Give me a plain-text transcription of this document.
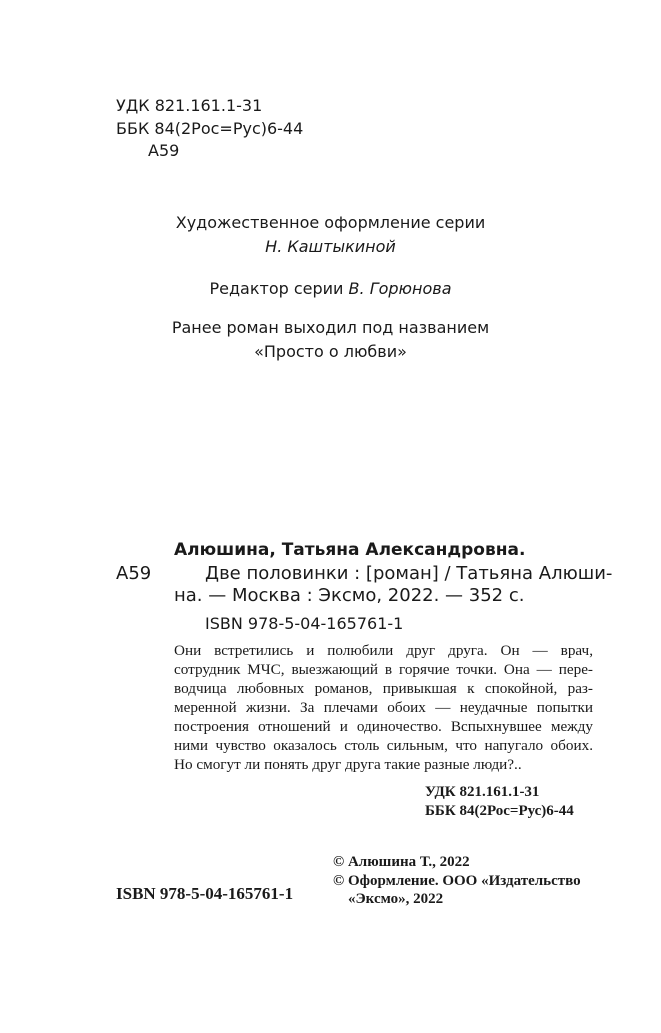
УДК 821.161.1-31
ББК 84(2Рос=Рус)6-44
А59
Художественное оформление серии
Н. Каштыкиной
Редактор серии В. Горюнова
Ранее роман выходил под названием
«Просто о любви»
Алюшина, Татьяна Александровна.
А59	Две половинки : [роман] / Татьяна Алюши-
на. — Москва : Эксмо, 2022. — 352 с.
ISBN 978-5-04-165761-1
Они встретились и полюбили друг друга. Он — врач,
сотрудник МЧС, выезжающий в горячие точки. Она — пере-
водчица любовных романов, привыкшая к спокойной, раз-
меренной жизни. За плечами обоих — неудачные попытки
построения отношений и одиночество. Вспыхнувшее между
ними чувство оказалось столь сильным, что напугало обоих.
Но смогут ли понять друг друга такие разные люди?..
УДК 821.161.1-31
ББК 84(2Рос=Рус)6-44
ISBN 978-5-04-165761-1
© Алюшина Т., 2022
© Оформление. ООО «Издательство
«Эксмо», 2022
